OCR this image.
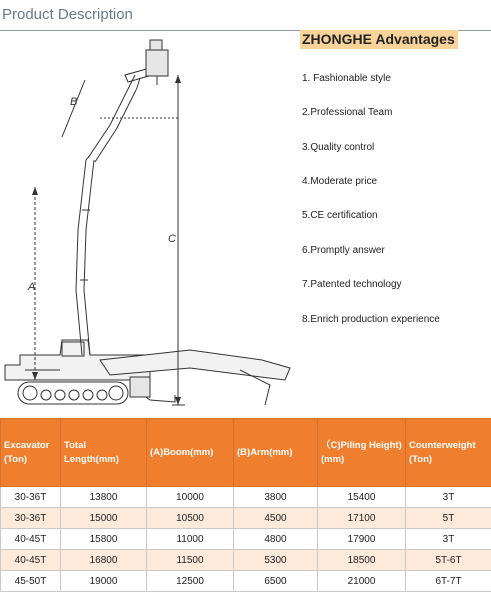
Product Description
A
B
C
ZHONGHE Advantages
1. Fashionable style
2.Professional Team
3.Quality control
4.Moderate price
5.CE certification
6.Promptly answer
7.Patented technology
8.Enrich production experience
Excavator (Ton)	Total Length(mm)	(A)Boom(mm)	(B)Arm(mm)	（C)Piling Height)(mm)	Counterweight (Ton)
30-36T	13800	10000	3800	15400	3T
30-36T	15000	10500	4500	17100	5T
40-45T	15800	11000	4800	17900	3T
40-45T	16800	11500	5300	18500	5T-6T
45-50T	19000	12500	6500	21000	6T-7T
